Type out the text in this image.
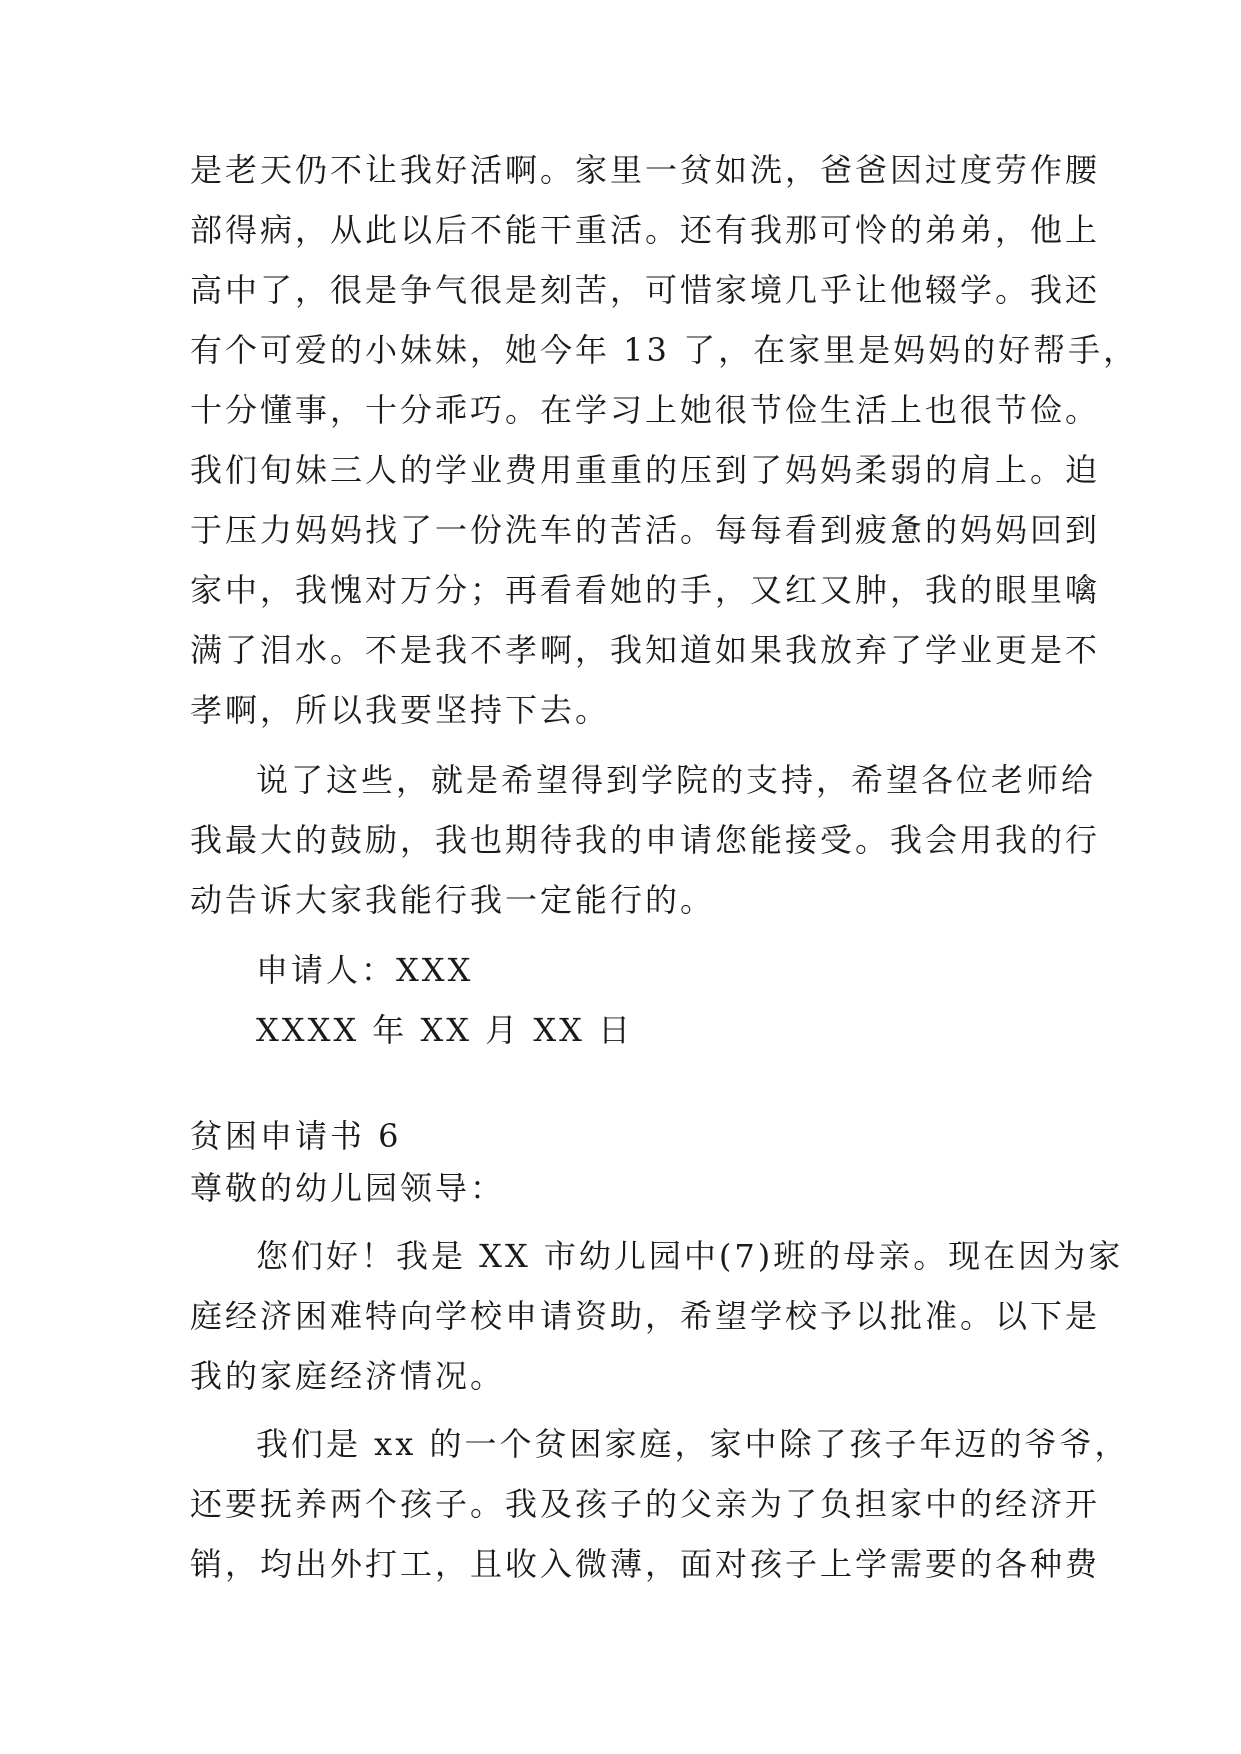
是老天仍不让我好活啊。家里一贫如洗，爸爸因过度劳作腰

部得病，从此以后不能干重活。还有我那可怜的弟弟，他上

高中了，很是争气很是刻苦，可惜家境几乎让他辍学。我还

有个可爱的小妹妹，她今年 13 了，在家里是妈妈的好帮手，

十分懂事，十分乖巧。在学习上她很节俭生活上也很节俭。

我们旬妹三人的学业费用重重的压到了妈妈柔弱的肩上。迫

于压力妈妈找了一份洗车的苦活。每每看到疲惫的妈妈回到

家中，我愧对万分；再看看她的手，又红又肿，我的眼里噙

满了泪水。不是我不孝啊，我知道如果我放弃了学业更是不

孝啊，所以我要坚持下去。

说了这些，就是希望得到学院的支持，希望各位老师给

我最大的鼓励，我也期待我的申请您能接受。我会用我的行

动告诉大家我能行我一定能行的。

申请人：XXX

XXXX 年 XX 月 XX 日

贫困申请书 6

尊敬的幼儿园领导：

您们好！我是 XX 市幼儿园中(7)班的母亲。现在因为家

庭经济困难特向学校申请资助，希望学校予以批准。以下是

我的家庭经济情况。

我们是 xx 的一个贫困家庭，家中除了孩子年迈的爷爷，

还要抚养两个孩子。我及孩子的父亲为了负担家中的经济开

销，均出外打工，且收入微薄，面对孩子上学需要的各种费
